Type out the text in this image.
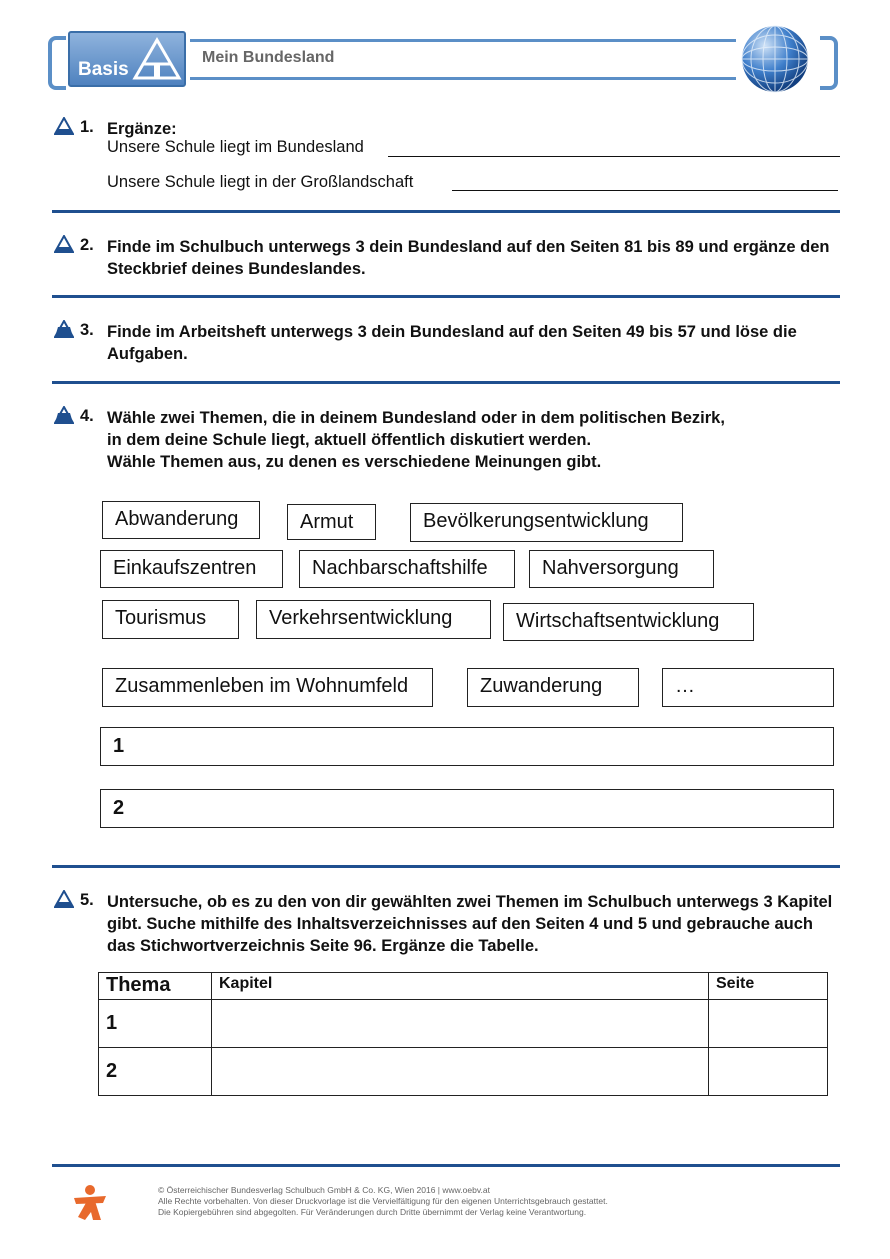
Basis
Mein Bundesland
1. Ergänze:
Unsere Schule liegt im Bundesland
Unsere Schule liegt in der Großlandschaft
2. Finde im Schulbuch unterwegs 3 dein Bundesland auf den Seiten 81 bis 89 und ergänze den Steckbrief deines Bundeslandes.
3. Finde im Arbeitsheft unterwegs 3 dein Bundesland auf den Seiten 49 bis 57 und löse die Aufgaben.
4. Wähle zwei Themen, die in deinem Bundesland oder in dem politischen Bezirk,
in dem deine Schule liegt, aktuell öffentlich diskutiert werden.
Wähle Themen aus, zu denen es verschiedene Meinungen gibt.
Abwanderung	Armut	Bevölkerungsentwicklung
Einkaufszentren	Nachbarschaftshilfe	Nahversorgung
Tourismus	Verkehrsentwicklung	Wirtschaftsentwicklung
Zusammenleben im Wohnumfeld	Zuwanderung	…
1
2
5. Untersuche, ob es zu den von dir gewählten zwei Themen im Schulbuch unterwegs 3 Kapitel gibt. Suche mithilfe des Inhaltsverzeichnisses auf den Seiten 4 und 5 und gebrauche auch das Stichwortverzeichnis Seite 96. Ergänze die Tabelle.
Thema	Kapitel	Seite
1		
2		
© Österreichischer Bundesverlag Schulbuch GmbH & Co. KG, Wien 2016 | www.oebv.at
Alle Rechte vorbehalten. Von dieser Druckvorlage ist die Vervielfältigung für den eigenen Unterrichtsgebrauch gestattet.
Die Kopiergebühren sind abgegolten. Für Veränderungen durch Dritte übernimmt der Verlag keine Verantwortung.
